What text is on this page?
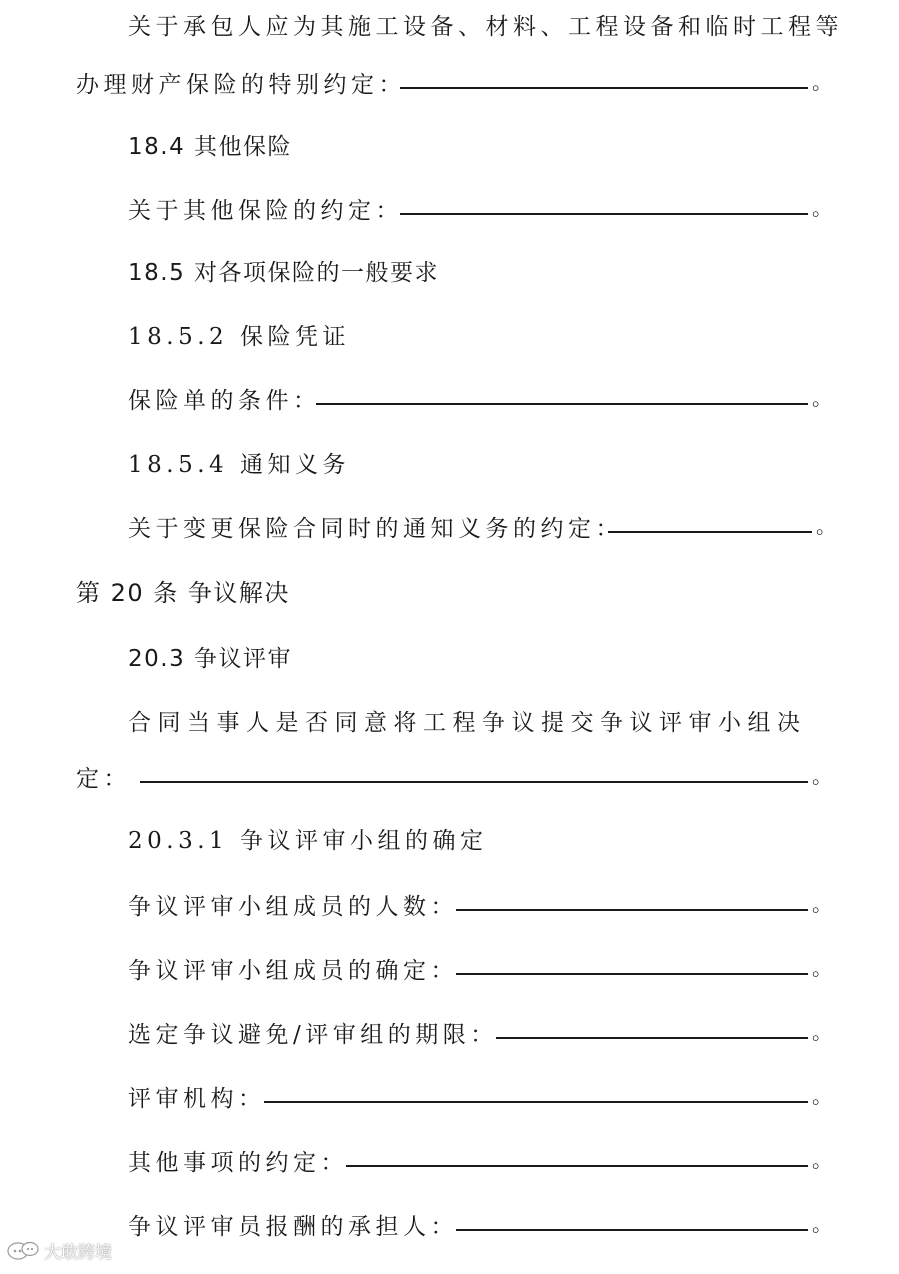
关于承包人应为其施工设备、材料、工程设备和临时工程等
办理财产保险的特别约定：	。
18.4 其他保险
关于其他保险的约定：	。
18.5 对各项保险的一般要求
18.5.2 保险凭证
保险单的条件：	。
18.5.4 通知义务
关于变更保险合同时的通知义务的约定：	。
第 20 条 争议解决
20.3 争议评审
合同当事人是否同意将工程争议提交争议评审小组决
定：	。
20.3.1 争议评审小组的确定
争议评审小组成员的人数：	。
争议评审小组成员的确定：	。
选定争议避免/评审组的期限：	。
评审机构：	。
其他事项的约定：	。
争议评审员报酬的承担人：	。
大敢跨境
